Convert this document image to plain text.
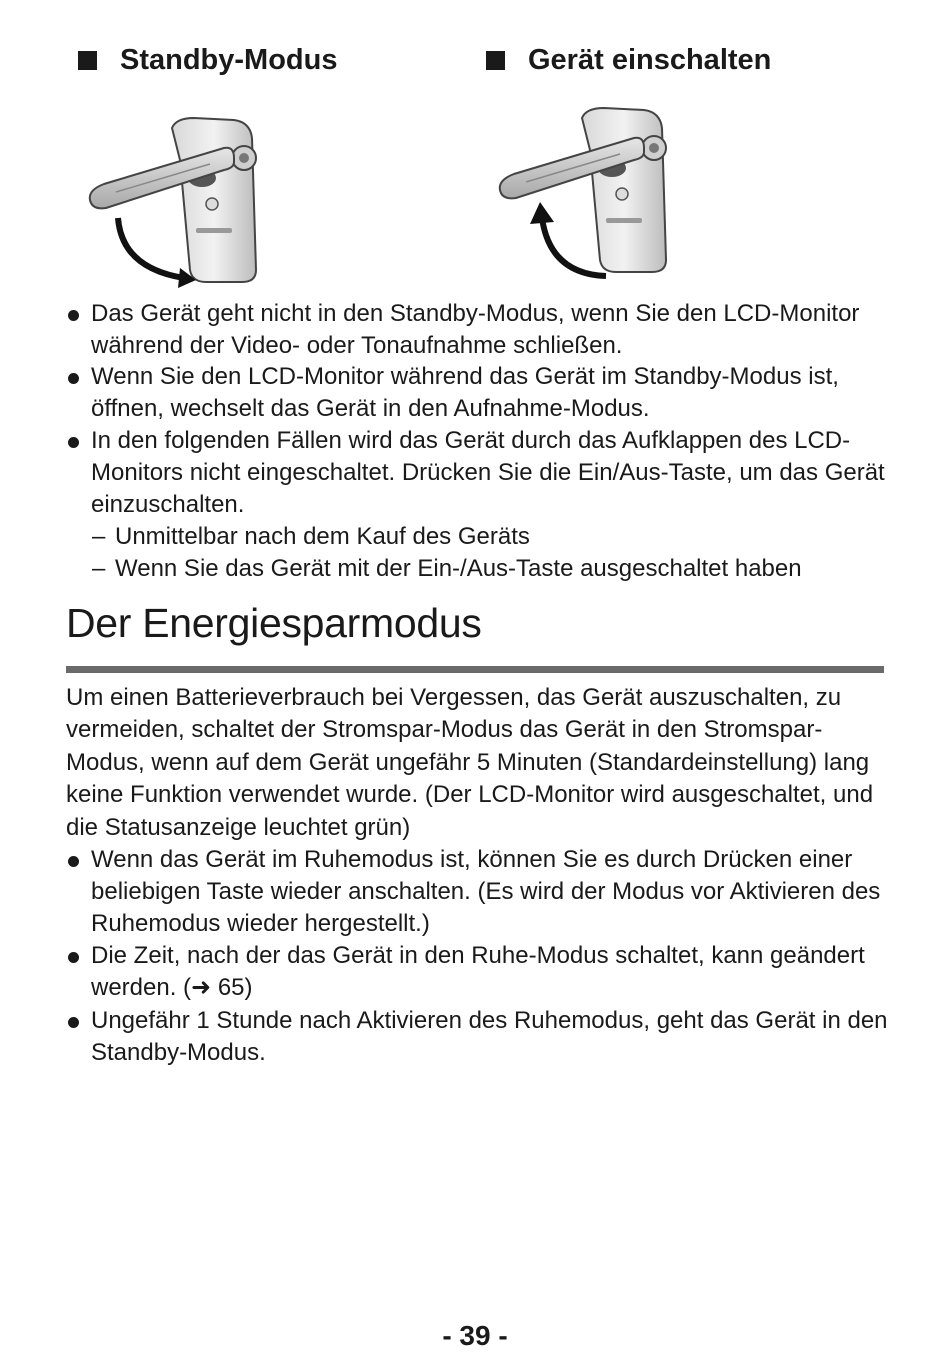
Standby-Modus	Gerät einschalten
Das Gerät geht nicht in den Standby-Modus, wenn Sie den LCD-Monitor während der Video- oder Tonaufnahme schließen.
Wenn Sie den LCD-Monitor während das Gerät im Standby-Modus ist, öffnen, wechselt das Gerät in den Aufnahme-Modus.
In den folgenden Fällen wird das Gerät durch das Aufklappen des LCD-Monitors nicht eingeschaltet. Drücken Sie die Ein/Aus-Taste, um das Gerät einzuschalten.
– Unmittelbar nach dem Kauf des Geräts
– Wenn Sie das Gerät mit der Ein-/Aus-Taste ausgeschaltet haben
Der Energiesparmodus
Um einen Batterieverbrauch bei Vergessen, das Gerät auszuschalten, zu vermeiden, schaltet der Stromspar-Modus das Gerät in den Stromspar-Modus, wenn auf dem Gerät ungefähr 5 Minuten (Standardeinstellung) lang keine Funktion verwendet wurde. (Der LCD-Monitor wird ausgeschaltet, und die Statusanzeige leuchtet grün)
Wenn das Gerät im Ruhemodus ist, können Sie es durch Drücken einer beliebigen Taste wieder anschalten. (Es wird der Modus vor Aktivieren des Ruhemodus wieder hergestellt.)
Die Zeit, nach der das Gerät in den Ruhe-Modus schaltet, kann geändert werden. (➜ 65)
Ungefähr 1 Stunde nach Aktivieren des Ruhemodus, geht das Gerät in den Standby-Modus.
- 39 -
